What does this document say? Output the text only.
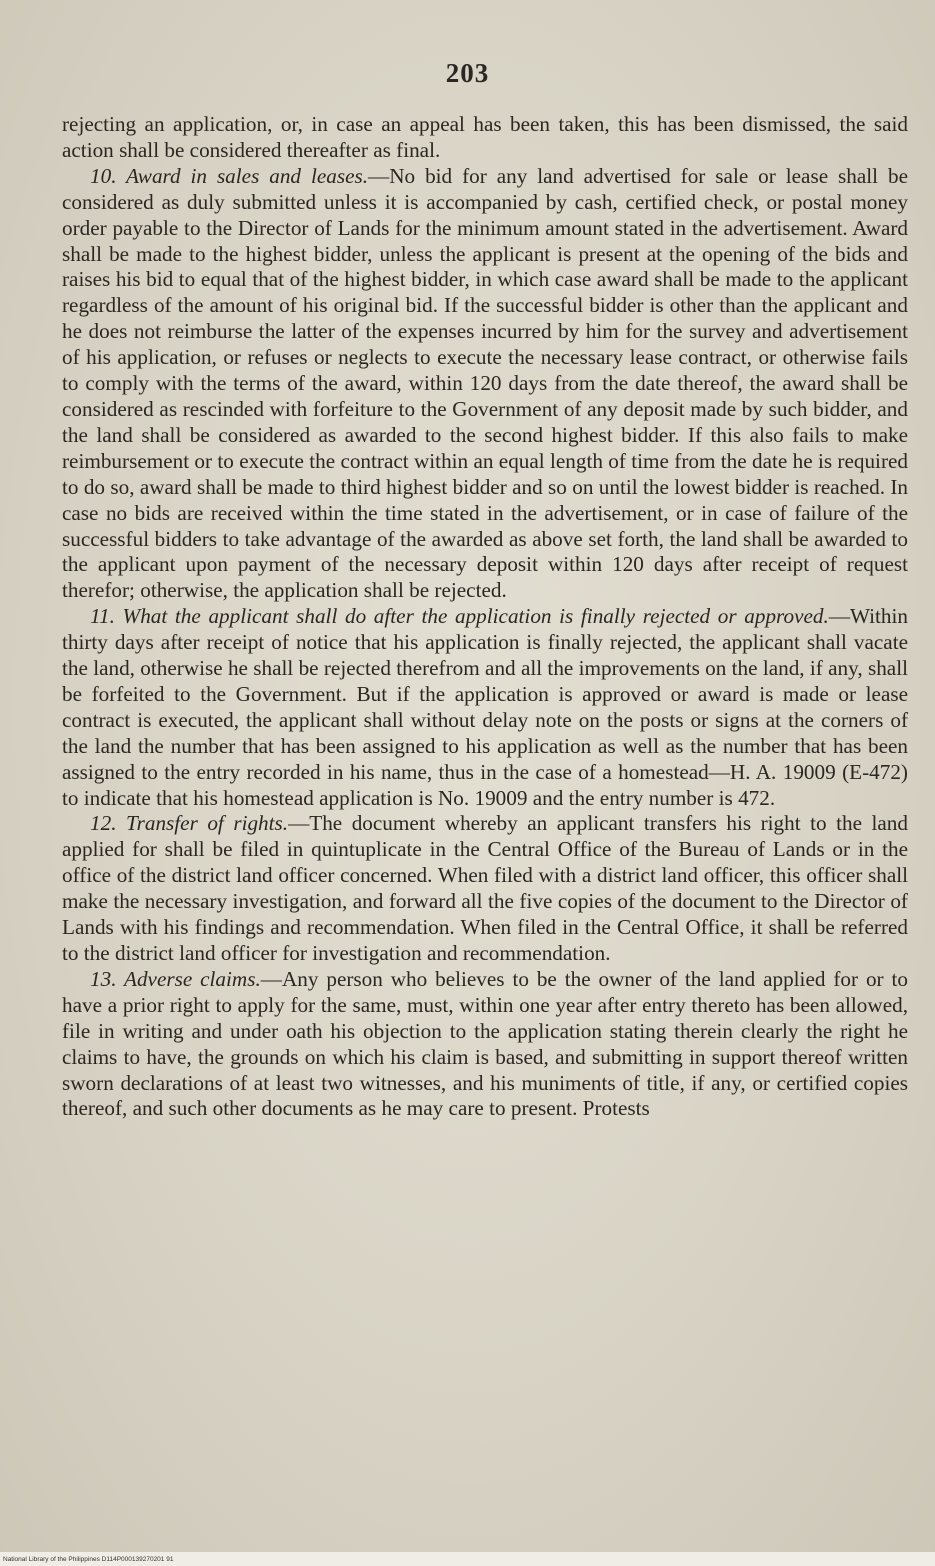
203

rejecting an application, or, in case an appeal has been taken, this has been dismissed, the said action shall be considered thereafter as final.

10. Award in sales and leases.—No bid for any land advertised for sale or lease shall be considered as duly submitted unless it is accompanied by cash, certified check, or postal money order payable to the Director of Lands for the minimum amount stated in the advertisement. Award shall be made to the highest bidder, unless the applicant is present at the opening of the bids and raises his bid to equal that of the highest bidder, in which case award shall be made to the applicant regardless of the amount of his original bid. If the successful bidder is other than the applicant and he does not reimburse the latter of the expenses incurred by him for the survey and advertisement of his application, or refuses or neglects to execute the necessary lease contract, or otherwise fails to comply with the terms of the award, within 120 days from the date thereof, the award shall be considered as rescinded with forfeiture to the Government of any deposit made by such bidder, and the land shall be considered as awarded to the second highest bidder. If this also fails to make reimbursement or to execute the contract within an equal length of time from the date he is required to do so, award shall be made to third highest bidder and so on until the lowest bidder is reached. In case no bids are received within the time stated in the advertisement, or in case of failure of the successful bidders to take advantage of the awarded as above set forth, the land shall be awarded to the applicant upon payment of the necessary deposit within 120 days after receipt of request therefor; otherwise, the application shall be rejected.

11. What the applicant shall do after the application is finally rejected or approved.—Within thirty days after receipt of notice that his application is finally rejected, the applicant shall vacate the land, otherwise he shall be rejected therefrom and all the improvements on the land, if any, shall be forfeited to the Government. But if the application is approved or award is made or lease contract is executed, the applicant shall without delay note on the posts or signs at the corners of the land the number that has been assigned to his application as well as the number that has been assigned to the entry recorded in his name, thus in the case of a homestead—H. A. 19009 (E-472) to indicate that his homestead application is No. 19009 and the entry number is 472.

12. Transfer of rights.—The document whereby an applicant transfers his right to the land applied for shall be filed in quintuplicate in the Central Office of the Bureau of Lands or in the office of the district land officer concerned. When filed with a district land officer, this officer shall make the necessary investigation, and forward all the five copies of the document to the Director of Lands with his findings and recommendation. When filed in the Central Office, it shall be referred to the district land officer for investigation and recommendation.

13. Adverse claims.—Any person who believes to be the owner of the land applied for or to have a prior right to apply for the same, must, within one year after entry thereto has been allowed, file in writing and under oath his objection to the application stating therein clearly the right he claims to have, the grounds on which his claim is based, and submitting in support thereof written sworn declarations of at least two witnesses, and his muniments of title, if any, or certified copies thereof, and such other documents as he may care to present. Protests

National Library of the Philippines D114P000139270201 91
